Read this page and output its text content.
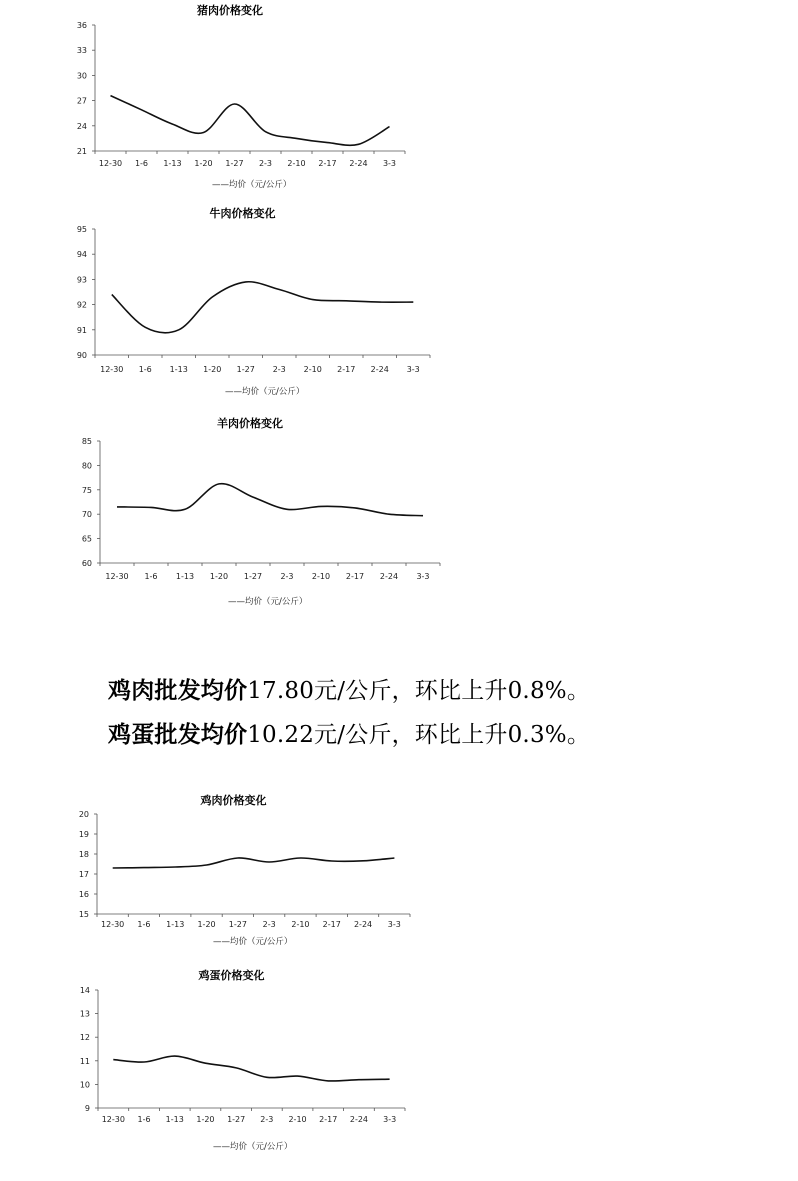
猪肉价格变化
21
24
27
30
33
36
12-30 1-6 1-13 1-20 1-27 2-3 2-10 2-17 2-24 3-3
——均价（元/公斤）
牛肉价格变化
90
91
92
93
94
95
12-30 1-6 1-13 1-20 1-27 2-3 2-10 2-17 2-24 3-3
——均价（元/公斤）
羊肉价格变化
60
65
70
75
80
85
12-30 1-6 1-13 1-20 1-27 2-3 2-10 2-17 2-24 3-3
——均价（元/公斤）
鸡肉批发均价17.80元/公斤，环比上升0.8%。
鸡蛋批发均价10.22元/公斤，环比上升0.3%。
鸡肉价格变化
15
16
17
18
19
20
12-30 1-6 1-13 1-20 1-27 2-3 2-10 2-17 2-24 3-3
——均价（元/公斤）
鸡蛋价格变化
9
10
11
12
13
14
12-30 1-6 1-13 1-20 1-27 2-3 2-10 2-17 2-24 3-3
——均价（元/公斤）
